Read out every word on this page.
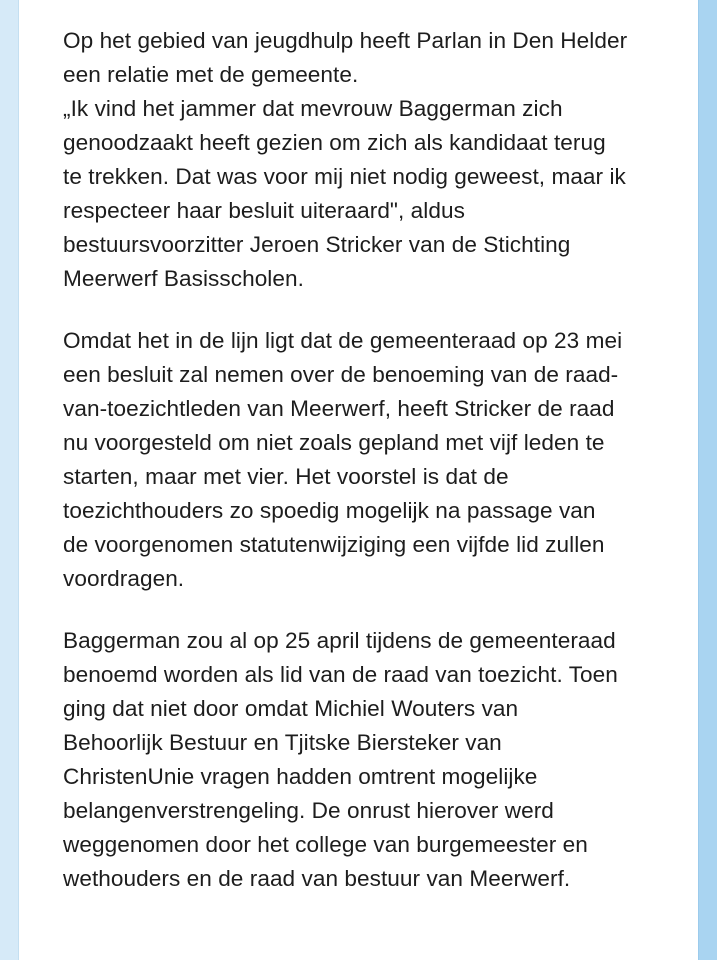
Op het gebied van jeugdhulp heeft Parlan in Den Helder
een relatie met de gemeente.
„Ik vind het jammer dat mevrouw Baggerman zich
genoodzaakt heeft gezien om zich als kandidaat terug
te trekken. Dat was voor mij niet nodig geweest, maar ik
respecteer haar besluit uiteraard", aldus
bestuursvoorzitter Jeroen Stricker van de Stichting
Meerwerf Basisscholen.

Omdat het in de lijn ligt dat de gemeenteraad op 23 mei
een besluit zal nemen over de benoeming van de raad-
van-toezichtleden van Meerwerf, heeft Stricker de raad
nu voorgesteld om niet zoals gepland met vijf leden te
starten, maar met vier. Het voorstel is dat de
toezichthouders zo spoedig mogelijk na passage van
de voorgenomen statutenwijziging een vijfde lid zullen
voordragen.

Baggerman zou al op 25 april tijdens de gemeenteraad
benoemd worden als lid van de raad van toezicht. Toen
ging dat niet door omdat Michiel Wouters van
Behoorlijk Bestuur en Tjitske Biersteker van
ChristenUnie vragen hadden omtrent mogelijke
belangenverstrengeling. De onrust hierover werd
weggenomen door het college van burgemeester en
wethouders en de raad van bestuur van Meerwerf.
